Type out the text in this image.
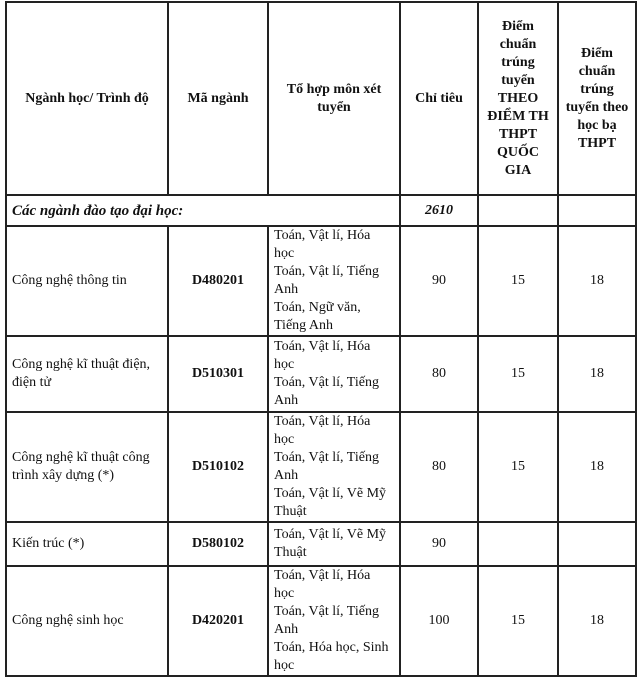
Ngành học/ Trình độ	Mã ngành	Tổ hợp môn xét tuyển	Chỉ tiêu	Điểm chuẩn trúng tuyển THEO ĐIỂM TH THPT QUỐC GIA	Điểm chuẩn trúng tuyển theo học bạ THPT
Các ngành đào tạo đại học:			2610		
Công nghệ thông tin	D480201	Toán, Vật lí, Hóa học
Toán, Vật lí, Tiếng Anh
Toán, Ngữ văn, Tiếng Anh	90	15	18
Công nghệ kĩ thuật điện, điện tử	D510301	Toán, Vật lí, Hóa học
Toán, Vật lí, Tiếng Anh	80	15	18
Công nghệ kĩ thuật công trình xây dựng (*)	D510102	Toán, Vật lí, Hóa học
Toán, Vật lí, Tiếng Anh
Toán, Vật lí, Vẽ Mỹ Thuật	80	15	18
Kiến trúc (*)	D580102	Toán, Vật lí, Vẽ Mỹ Thuật	90		
Công nghệ sinh học	D420201	Toán, Vật lí, Hóa học
Toán, Vật lí, Tiếng Anh
Toán, Hóa học, Sinh học	100	15	18
